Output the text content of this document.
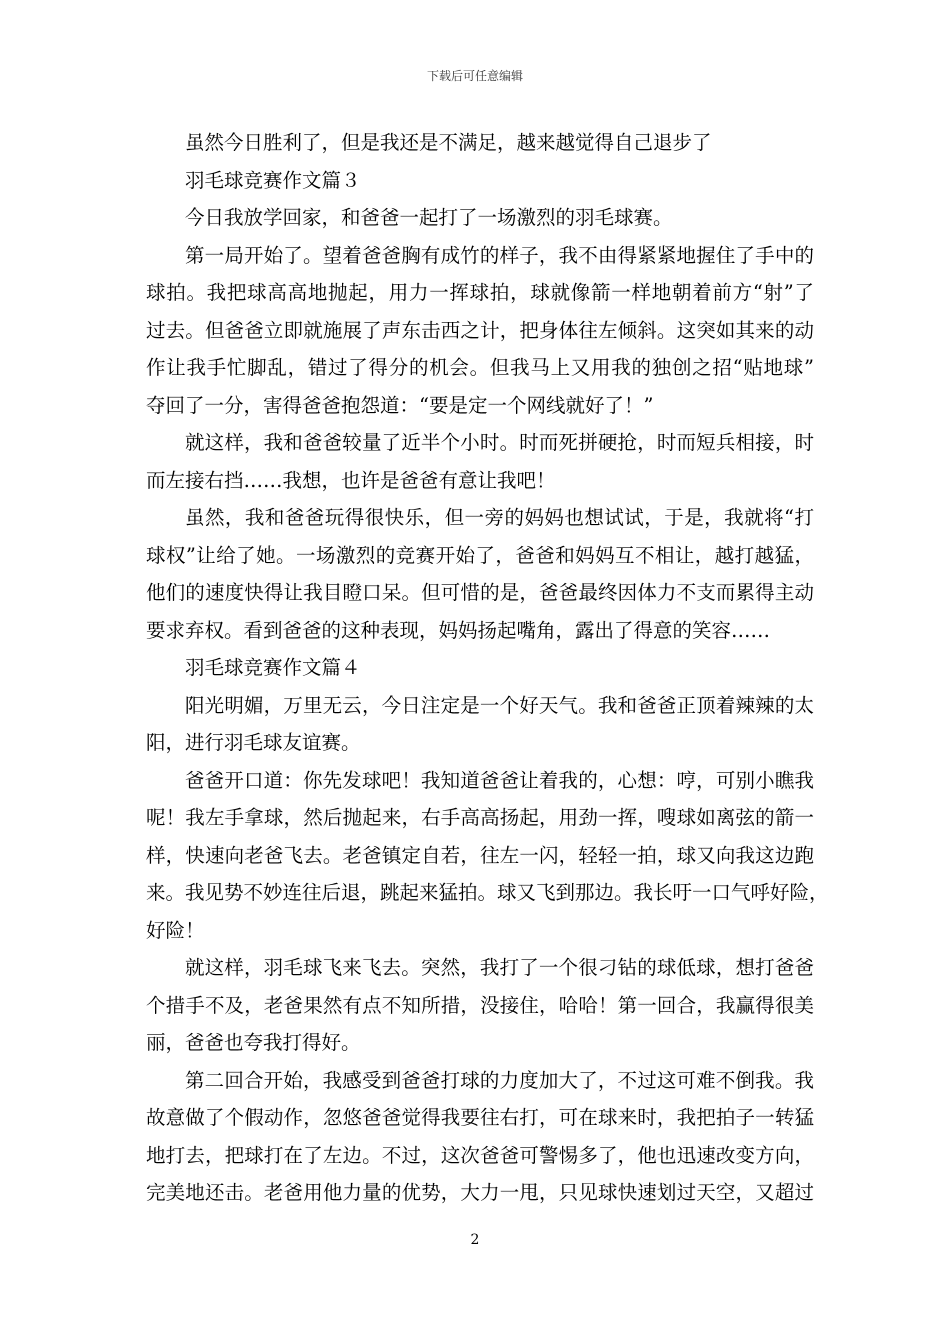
下载后可任意编辑
虽然今日胜利了，但是我还是不满足，越来越觉得自己退步了
羽毛球竞赛作文篇３
今日我放学回家，和爸爸一起打了一场激烈的羽毛球赛。
第一局开始了。望着爸爸胸有成竹的样子，我不由得紧紧地握住了手中的
球拍。我把球高高地抛起，用力一挥球拍，球就像箭一样地朝着前方“射”了
过去。但爸爸立即就施展了声东击西之计，把身体往左倾斜。这突如其来的动
作让我手忙脚乱，错过了得分的机会。但我马上又用我的独创之招“贴地球”
夺回了一分，害得爸爸抱怨道：“要是定一个网线就好了！”
就这样，我和爸爸较量了近半个小时。时而死拼硬抢，时而短兵相接，时
而左接右挡……我想，也许是爸爸有意让我吧！
虽然，我和爸爸玩得很快乐，但一旁的妈妈也想试试，于是，我就将“打
球权”让给了她。一场激烈的竞赛开始了，爸爸和妈妈互不相让，越打越猛，
他们的速度快得让我目瞪口呆。但可惜的是，爸爸最终因体力不支而累得主动
要求弃权。看到爸爸的这种表现，妈妈扬起嘴角，露出了得意的笑容……
羽毛球竞赛作文篇４
阳光明媚，万里无云，今日注定是一个好天气。我和爸爸正顶着辣辣的太
阳，进行羽毛球友谊赛。
爸爸开口道：你先发球吧！我知道爸爸让着我的，心想：哼，可别小瞧我
呢！我左手拿球，然后抛起来，右手高高扬起，用劲一挥，嗖球如离弦的箭一
样，快速向老爸飞去。老爸镇定自若，往左一闪，轻轻一拍，球又向我这边跑
来。我见势不妙连往后退，跳起来猛拍。球又飞到那边。我长吁一口气呼好险，
好险！
就这样，羽毛球飞来飞去。突然，我打了一个很刁钻的球低球，想打爸爸
个措手不及，老爸果然有点不知所措，没接住，哈哈！第一回合，我赢得很美
丽，爸爸也夸我打得好。
第二回合开始，我感受到爸爸打球的力度加大了，不过这可难不倒我。我
故意做了个假动作，忽悠爸爸觉得我要往右打，可在球来时，我把拍子一转猛
地打去，把球打在了左边。不过，这次爸爸可警惕多了，他也迅速改变方向，
完美地还击。老爸用他力量的优势，大力一甩，只见球快速划过天空，又超过
2
